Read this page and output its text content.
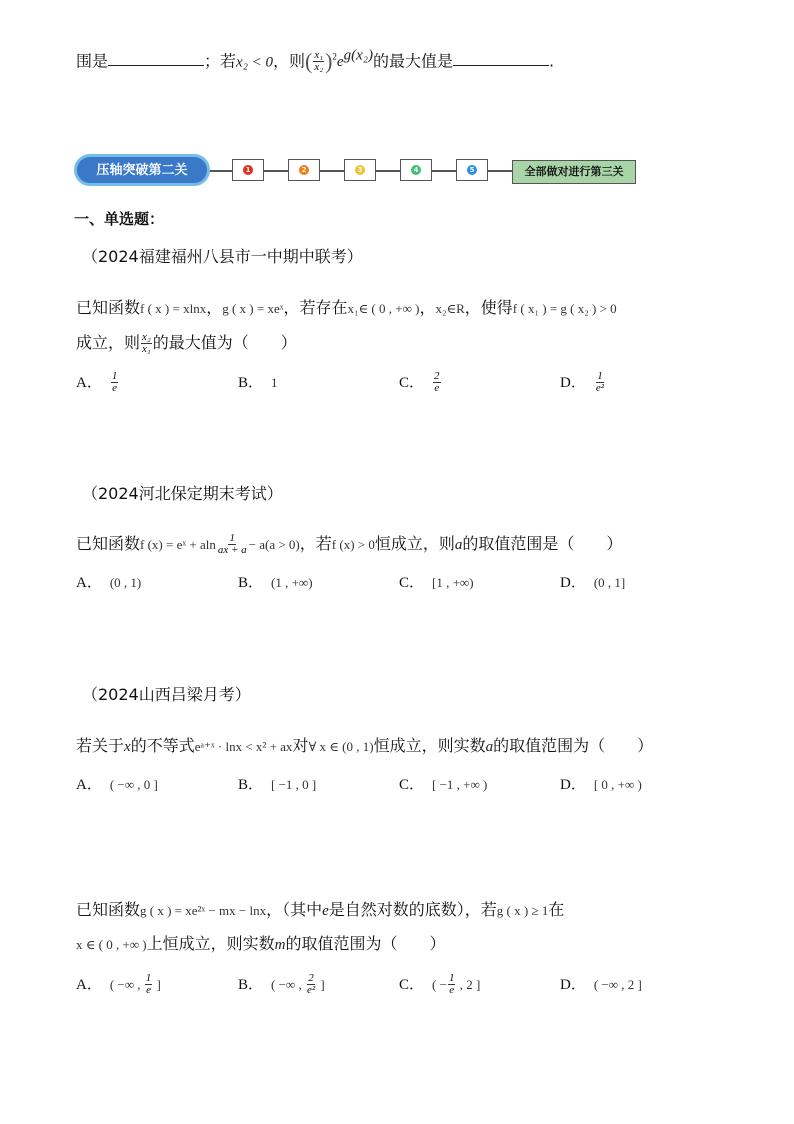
围是	；若x₂ < 0，则( $\frac{\text{x₁}}{\text{x₂}} )^2e^{g(x_2)}$的最大值是	.
压轴突破第二关	1	2	3	4	5	全部做对进行第三关
一、单选题：
（2024福建福州八县市一中期中联考）
已知函数f ( x ) = xlnx，g ( x ) = xeˣ，若存在x₁∈ ( 0 , +∞ )，x₂∈R，使得f ( x₁ ) = g ( x₂ ) > 0
成立，则 $\frac{\text{x₂}}{\text{x₁}}$ 的最大值为（　　）
A． $\frac{1}{e}$	B． 1	C． $\frac{2}{e}$	D． $\frac{1}{\text{e²}}$
（2024河北保定期末考试）
已知函数f (x) = eˣ + aln $\frac{1}{ax + a} - a(a > 0)$，若f (x) > 0恒成立，则a的取值范围是（　　）
A． (0 , 1)	B． (1 , +∞)	C． [1 , +∞)	D． (0 , 1]
（2024山西吕梁月考）
若关于x的不等式eᵃ⁺ˣ · lnx < x² + ax对∀ x ∈ (0 , 1)恒成立，则实数a的取值范围为（　　）
A． ( −∞ , 0 ]	B． [ −1 , 0 ]	C． [ −1 , +∞ )	D． [ 0 , +∞ )
已知函数g ( x ) = xe²ˣ − mx − lnx，（其中e是自然对数的底数），若g ( x ) ≥ 1在
x ∈ ( 0 , +∞ )上恒成立，则实数m的取值范围为（　　）
A． ( −∞ , $\frac{1}{e}$ ]	B． ( −∞ , $\frac{2}{\text{e²}}$ ]	C． ( − $\frac{1}{e}$ , 2 ]	D． ( −∞ , 2 ]
